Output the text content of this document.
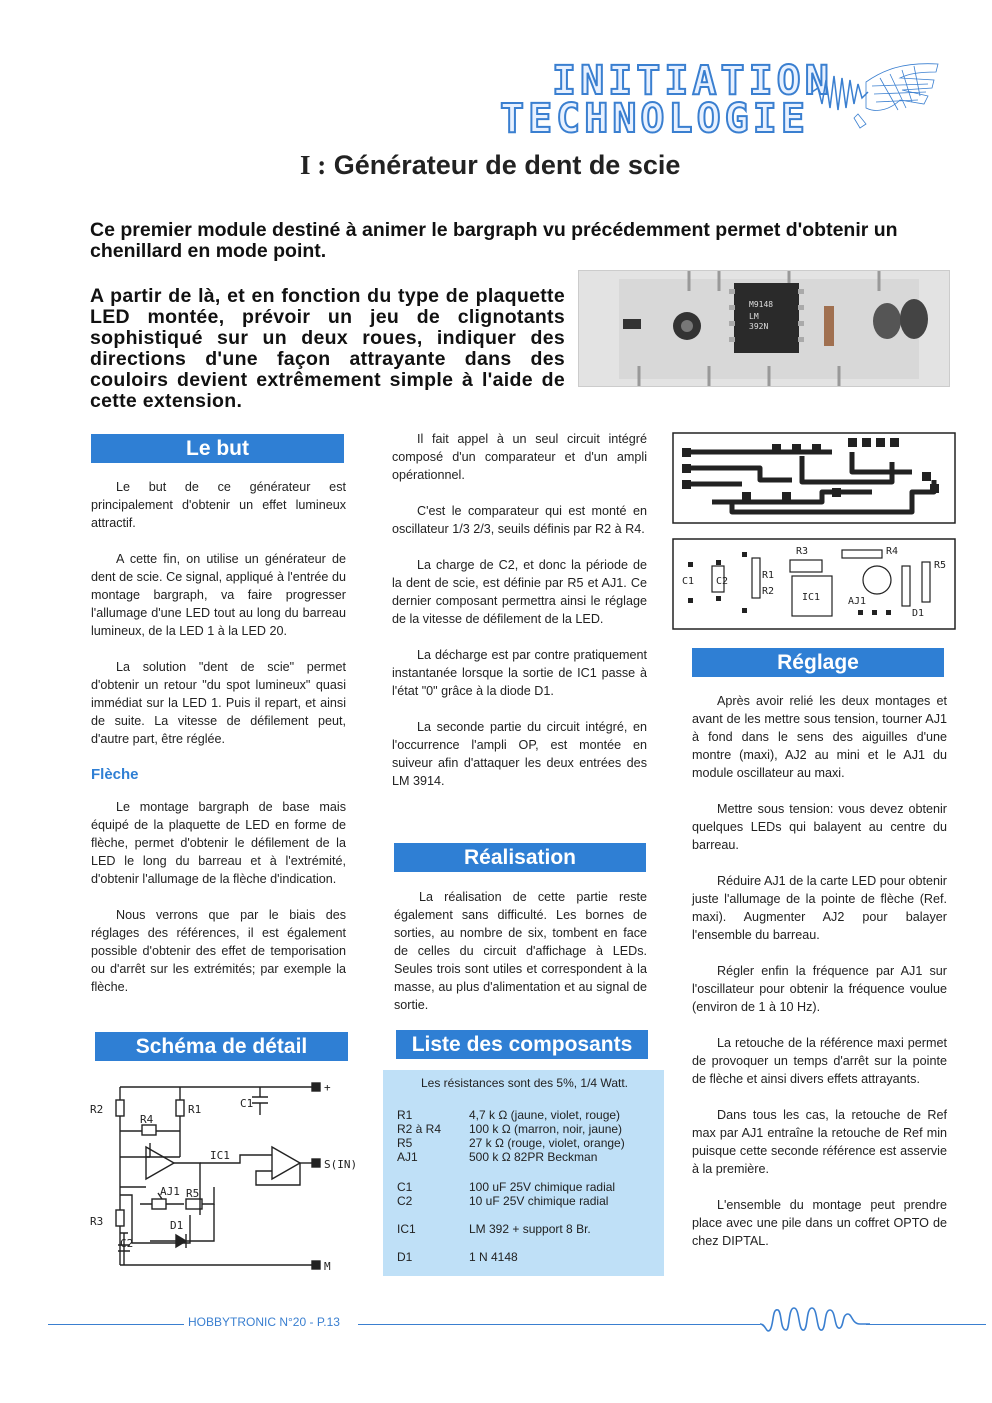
INITIATION
TECHNOLOGIE
I : Générateur de dent de scie
Ce premier module destiné à animer le bargraph vu précédemment permet d'obtenir un chenillard en mode point.
A partir de là, et en fonction du type de plaquette LED montée, prévoir un jeu de clignotants sophistiqué sur un deux roues, indiquer des directions d'une façon attrayante dans des couloirs devient extrêmement simple à l'aide de cette extension.
M9148
LM
392N
Le but

Le but de ce générateur est principalement d'obtenir un effet lumineux attractif.

A cette fin, on utilise un générateur de dent de scie. Ce signal, appliqué à l'entrée du montage bargraph, va faire progresser l'allumage d'une LED tout au long du barreau lumineux, de la LED 1 à la LED 20.

La solution "dent de scie" permet d'obtenir un retour "du spot lumineux" quasi immédiat sur la LED 1. Puis il repart, et ainsi de suite. La vitesse de défilement peut, d'autre part, être réglée.

Flèche

Le montage bargraph de base mais équipé de la plaquette de LED en forme de flèche, permet d'obtenir le défilement de la LED le long du barreau et à l'extrémité, d'obtenir l'allumage de la flèche d'indication.

Nous verrons que par le biais des réglages des références, il est également possible d'obtenir des effet de temporisation ou d'arrêt sur les extrémités; par exemple la flèche.

Schéma de détail
R2	R1
R4
C1
IC1
AJ1 R5
D1
R3
C2
+
S(IN)
M

Il fait appel à un seul circuit intégré composé d'un comparateur et d'un ampli opérationnel.

C'est le comparateur qui est monté en oscillateur 1/3 2/3, seuils définis par R2 à R4.

La charge de C2, et donc la période de la dent de scie, est définie par R5 et AJ1. Ce dernier composant permettra ainsi le réglage de la vitesse de défilement de la LED.

La décharge est par contre pratiquement instantanée lorsque la sortie de IC1 passe à l'état "0" grâce à la diode D1.

La seconde partie du circuit intégré, en l'occurrence l'ampli OP, est montée en suiveur afin d'attaquer les deux entrées des LM 3914.

Réalisation

La réalisation de cette partie reste également sans difficulté. Les bornes de sorties, au nombre de six, tombent en face de celles du circuit d'affichage à LEDs. Seules trois sont utiles et correspondent à la masse, au plus d'alimentation et au signal de sortie.

Liste des composants
Les résistances sont des 5%, 1/4 Watt.
R1	4,7 k Ω (jaune, violet, rouge)
R2 à R4 100 k Ω (marron, noir, jaune)
R5	27 k Ω (rouge, violet, orange)
AJ1	500 k Ω 82PR Beckman
C1	100 uF 25V chimique radial
C2	10 uF 25V chimique radial
IC1	LM 392 + support 8 Br.
D1	1 N 4148
C1 C2
D1
R1
R2
R3	R4
R5
IC1	AJ1
Réglage

Après avoir relié les deux montages et avant de les mettre sous tension, tourner AJ1 à fond dans le sens des aiguilles d'une montre (maxi), AJ2 au mini et le AJ1 du module oscillateur au maxi.

Mettre sous tension: vous devez obtenir quelques LEDs qui balayent au centre du barreau.

Réduire AJ1 de la carte LED pour obtenir juste l'allumage de la pointe de flèche (Ref. maxi). Augmenter AJ2 pour balayer l'ensemble du barreau.

Régler enfin la fréquence par AJ1 sur l'oscillateur pour obtenir la fréquence voulue (environ de 1 à 10 Hz).

La retouche de la référence maxi permet de provoquer un temps d'arrêt sur la pointe de flèche et ainsi divers effets attrayants.

Dans tous les cas, la retouche de Ref max par AJ1 entraîne la retouche de Ref min puisque cette seconde référence est asservie à la première.

L'ensemble du montage peut prendre place avec une pile dans un coffret OPTO de chez DIPTAL.

HOBBYTRONIC N°20 - P.13
